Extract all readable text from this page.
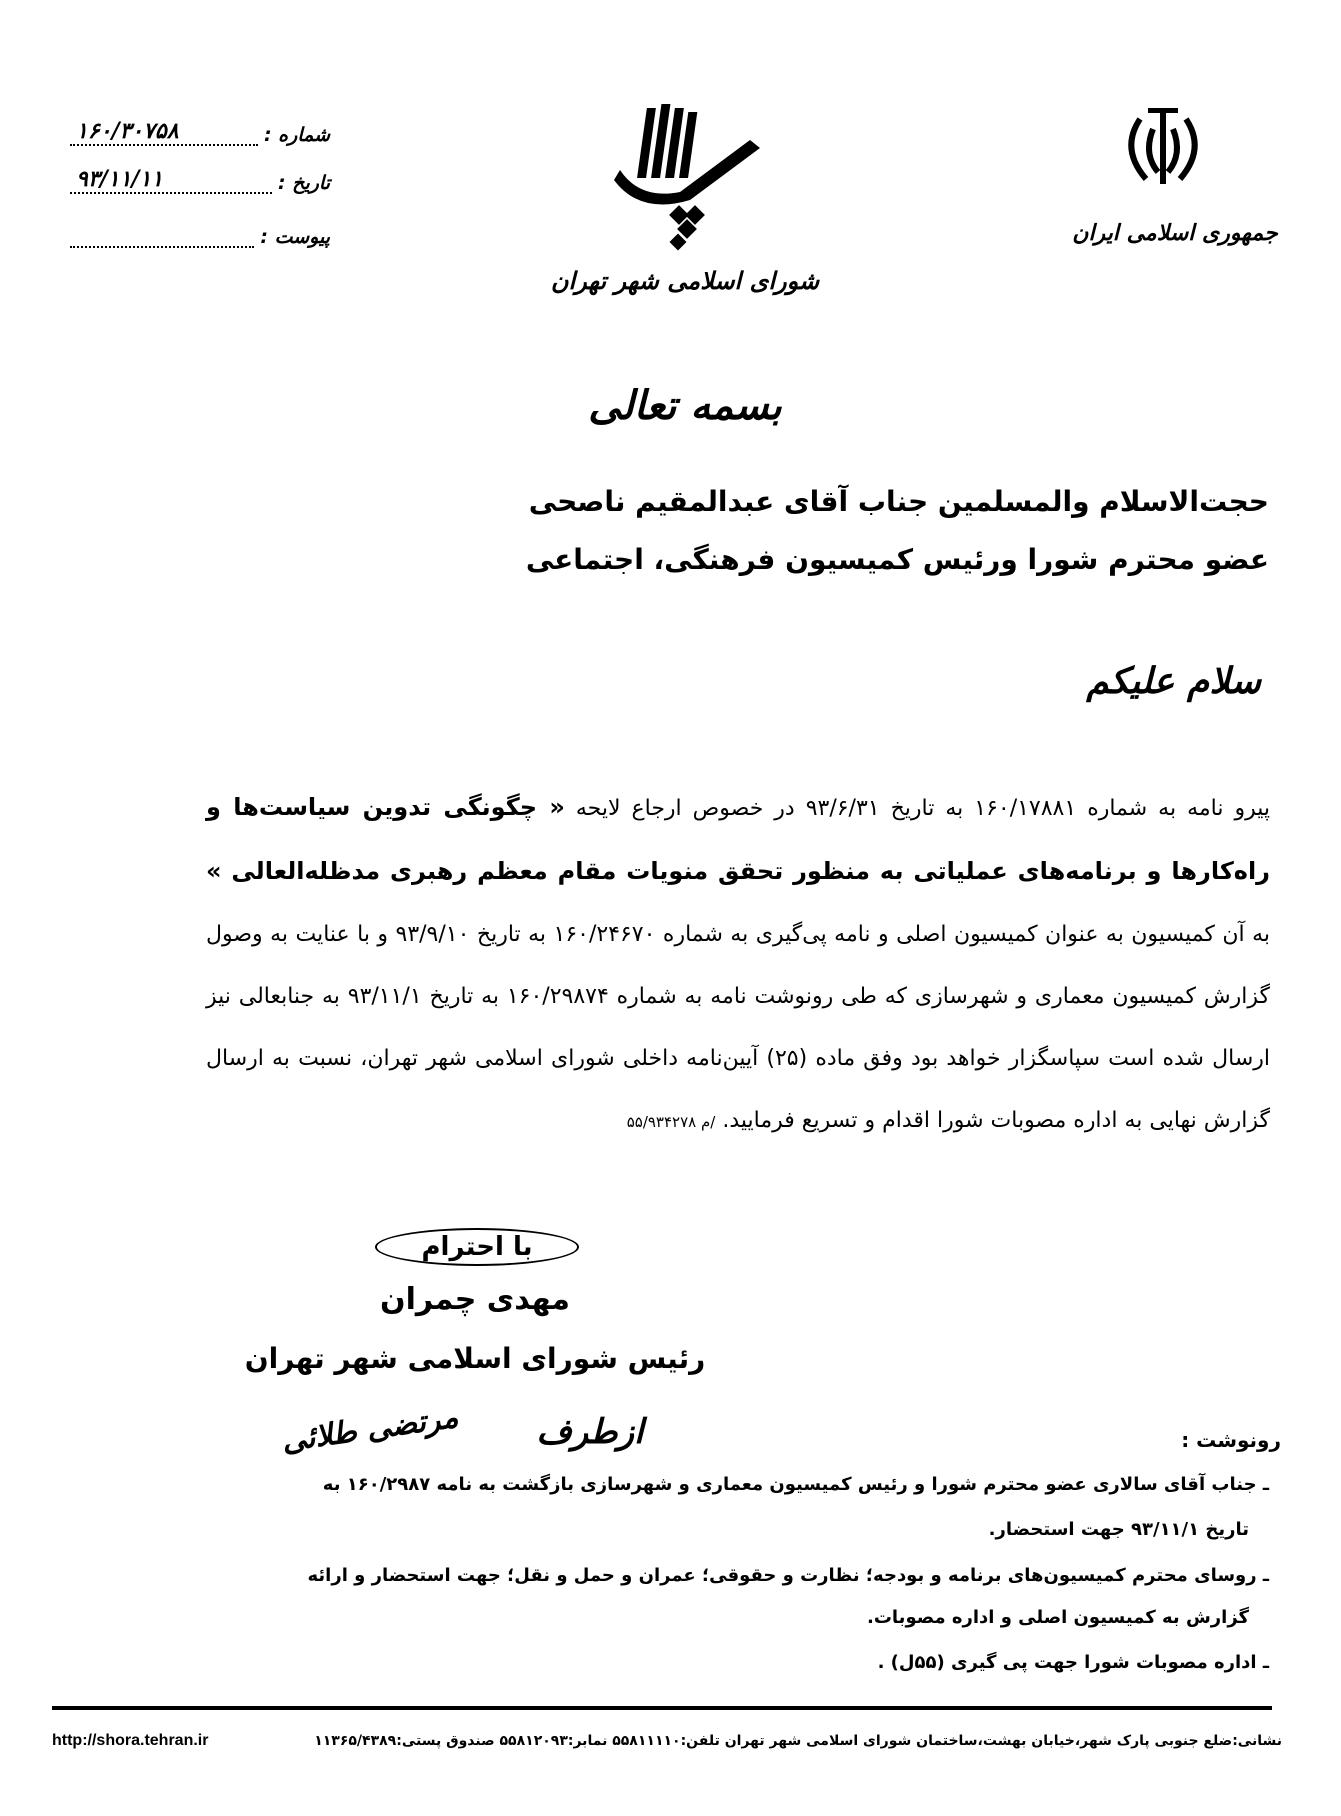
شماره :
۱۶۰/۳۰۷۵۸
تاریخ :
۹۳/۱۱/۱۱
پیوست :
شورای اسلامی شهر تهران
جمهوری اسلامی ایران
بسمه تعالی
حجت‌الاسلام والمسلمین جناب آقای عبدالمقیم ناصحی
عضو محترم شورا ورئیس کمیسیون فرهنگی، اجتماعی
سلام علیکم
پیرو نامه به شماره ۱۶۰/۱۷۸۸۱ به تاریخ ۹۳/۶/۳۱ در خصوص ارجاع لایحه « چگونگی تدوین سیاست‌ها و راه‌کارها و برنامه‌های عملیاتی به منظور تحقق منویات مقام معظم رهبری مدظله‌العالی » به آن کمیسیون به عنوان کمیسیون اصلی و نامه پی‌گیری به شماره ۱۶۰/۲۴۶۷۰ به تاریخ ۹۳/۹/۱۰ و با عنایت به وصول گزارش کمیسیون معماری و شهرسازی که طی رونوشت نامه به شماره ۱۶۰/۲۹۸۷۴ به تاریخ ۹۳/۱۱/۱ به جنابعالی نیز ارسال شده است سپاسگزار خواهد بود وفق ماده (۲۵) آیین‌نامه داخلی شورای اسلامی شهر تهران، نسبت به ارسال گزارش نهایی به اداره مصوبات شورا اقدام و تسریع فرمایید. /م ۵۵/۹۳۴۲۷۸
با احترام
مهدی چمران
رئیس شورای اسلامی شهر تهران
ازطرف
مرتضی طلائی	رونوشت :
ـ جناب آقای سالاری عضو محترم شورا و رئیس کمیسیون معماری و شهرسازی بازگشت به نامه ۱۶۰/۲۹۸۷ به
تاریخ ۹۳/۱۱/۱ جهت استحضار.
ـ روسای محترم کمیسیون‌های برنامه و بودجه؛ نظارت و حقوقی؛ عمران و حمل و نقل؛ جهت استحضار و ارائه
گزارش به کمیسیون اصلی و اداره مصوبات.
ـ اداره مصوبات شورا جهت پی گیری (۵۵ل) .
http://shora.tehran.ir	نشانی:ضلع جنوبی پارک شهر،خیابان بهشت،ساختمان شورای اسلامی شهر تهران تلفن:۵۵۸۱۱۱۱۰ نمابر:۵۵۸۱۲۰۹۳ صندوق پستی:۱۱۳۶۵/۴۳۸۹
